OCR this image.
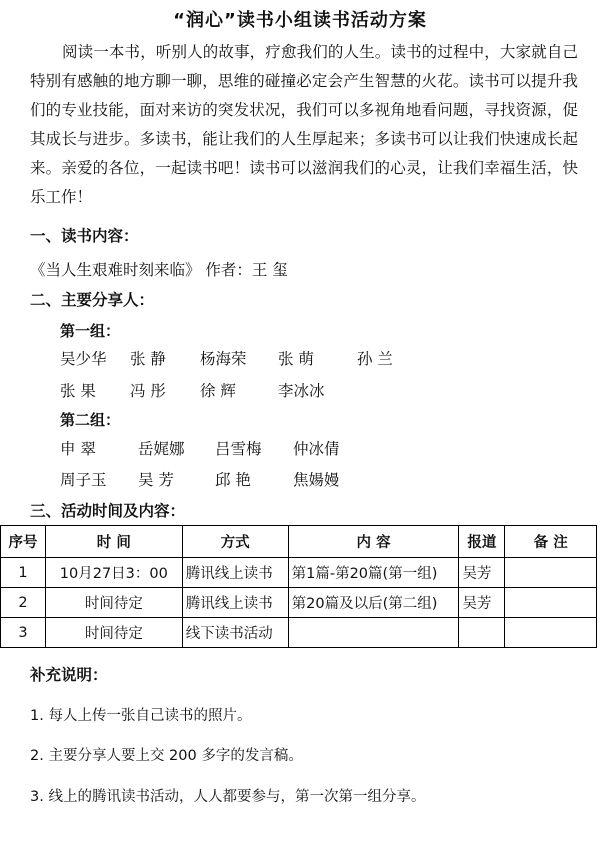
“润心”读书小组读书活动方案
阅读一本书，听别人的故事，疗愈我们的人生。读书的过程中，大家就自己特别有感触的地方聊一聊，思维的碰撞必定会产生智慧的火花。读书可以提升我们的专业技能，面对来访的突发状况，我们可以多视角地看问题，寻找资源，促其成长与进步。多读书，能让我们的人生厚起来；多读书可以让我们快速成长起来。亲爱的各位，一起读书吧！读书可以滋润我们的心灵，让我们幸福生活，快乐工作！
一、读书内容：
《当人生艰难时刻来临》 作者：王 玺
二、主要分享人：
第一组：
吴少华 张 静 杨海荣 张 萌	孙 兰
张 果 冯 彤 徐 辉	李冰冰
第二组：
申 翠	岳娓娜 吕雪梅 仲冰倩
周子玉 吴 芳	邱 艳	焦婸嫚
三、活动时间及内容：
序号	时 间	方式	内 容	报道	备 注
1	10月27日3：00	腾讯线上读书	第1篇-第20篇(第一组)	吴芳	
2	时间待定	腾讯线上读书	第20篇及以后(第二组)	吴芳	
3	时间待定	线下读书活动			
补充说明：
1. 每人上传一张自己读书的照片。
2. 主要分享人要上交 200 多字的发言稿。
3. 线上的腾讯读书活动，人人都要参与，第一次第一组分享。
